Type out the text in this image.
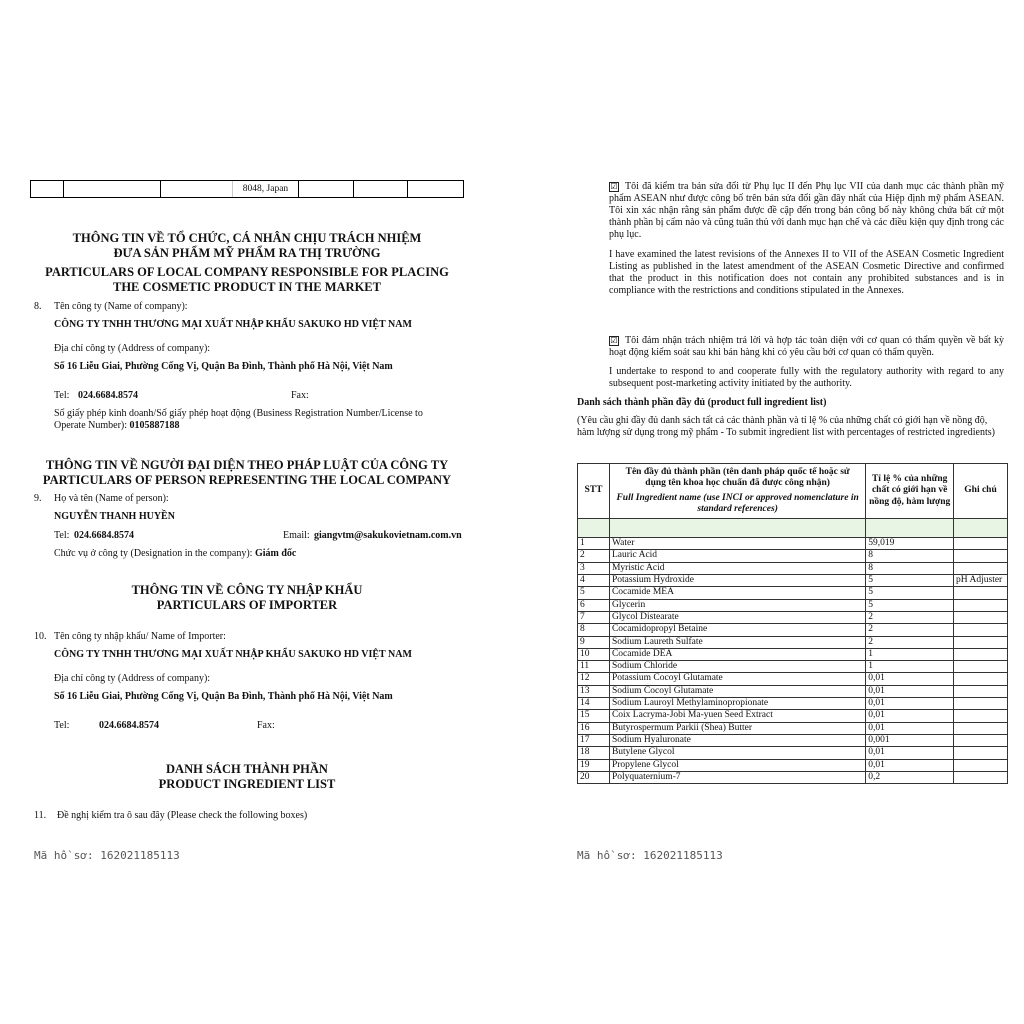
8048, Japan
THÔNG TIN VỀ TỔ CHỨC, CÁ NHÂN CHỊU TRÁCH NHIỆM
ĐƯA SẢN PHẨM MỸ PHẨM RA THỊ TRƯỜNG
PARTICULARS OF LOCAL COMPANY RESPONSIBLE FOR PLACING
THE COSMETIC PRODUCT IN THE MARKET
8. Tên công ty (Name of company):
CÔNG TY TNHH THƯƠNG MẠI XUẤT NHẬP KHẨU SAKUKO HD VIỆT NAM
Địa chỉ công ty (Address of company):
Số 16 Liễu Giai, Phường Cống Vị, Quận Ba Đình, Thành phố Hà Nội, Việt Nam
Tel: 024.6684.8574	Fax:
Số giấy phép kinh doanh/Số giấy phép hoạt động (Business Registration Number/License to
Operate Number): 0105887188
THÔNG TIN VỀ NGƯỜI ĐẠI DIỆN THEO PHÁP LUẬT CỦA CÔNG TY
PARTICULARS OF PERSON REPRESENTING THE LOCAL COMPANY
9. Họ và tên (Name of person):
NGUYỄN THANH HUYỀN
Tel: 024.6684.8574	Email: giangvtm@sakukovietnam.com.vn
Chức vụ ở công ty (Designation in the company): Giám đốc
THÔNG TIN VỀ CÔNG TY NHẬP KHẨU
PARTICULARS OF IMPORTER
10. Tên công ty nhập khẩu/ Name of Importer:
CÔNG TY TNHH THƯƠNG MẠI XUẤT NHẬP KHẨU SAKUKO HD VIỆT NAM
Địa chỉ công ty (Address of company):
Số 16 Liễu Giai, Phường Cống Vị, Quận Ba Đình, Thành phố Hà Nội, Việt Nam
Tel:	024.6684.8574	Fax:
DANH SÁCH THÀNH PHẦN
PRODUCT INGREDIENT LIST
11. Đề nghị kiểm tra ô sau đây (Please check the following boxes)
Mã hồ sơ: 162021185113
☑ Tôi đã kiểm tra bản sửa đổi từ Phụ lục II đến Phụ lục VII của danh mục các thành phần mỹ phẩm ASEAN như được công bố trên bản sửa đổi gần đây nhất của Hiệp định mỹ phẩm ASEAN. Tôi xin xác nhận rằng sản phẩm được đề cập đến trong bản công bố này không chứa bất cứ một thành phần bị cấm nào và cũng tuân thủ với danh mục hạn chế và các điều kiện quy định trong các phụ lục.
I have examined the latest revisions of the Annexes II to VII of the ASEAN Cosmetic Ingredient Listing as published in the latest amendment of the ASEAN Cosmetic Directive and confirmed that the product in this notification does not contain any prohibited substances and is in compliance with the restrictions and conditions stipulated in the Annexes.
☑ Tôi đảm nhận trách nhiệm trả lời và hợp tác toàn diện với cơ quan có thẩm quyền về bất kỳ hoạt động kiểm soát sau khi bán hàng khi có yêu cầu bởi cơ quan có thẩm quyền.
I undertake to respond to and cooperate fully with the regulatory authority with regard to any subsequent post-marketing activity initiated by the authority.
Danh sách thành phần đầy đủ (product full ingredient list)
(Yêu cầu ghi đầy đủ danh sách tất cả các thành phần và tỉ lệ % của những chất có giới hạn về nồng độ, hàm lượng sử dụng trong mỹ phẩm - To submit ingredient list with percentages of restricted ingredients)
Mã hồ sơ: 162021185113
STT	Tên đầy đủ thành phần (tên danh pháp quốc tế hoặc sử dụng tên khoa học chuẩn đã được công nhận)
Full Ingredient name (use INCI or approved nomenclature in standard references)	Tỉ lệ % của những chất có giới hạn về nồng độ, hàm lượng	Ghi chú

1	Water	59,019	
2	Lauric Acid	8	
3	Myristic Acid	8	
4	Potassium Hydroxide	5	pH Adjuster
5	Cocamide MEA	5	
6	Glycerin	5	
7	Glycol Distearate	2	
8	Cocamidopropyl Betaine	2	
9	Sodium Laureth Sulfate	2	
10	Cocamide DEA	1	
11	Sodium Chloride	1	
12	Potassium Cocoyl Glutamate	0,01	
13	Sodium Cocoyl Glutamate	0,01	
14	Sodium Lauroyl Methylaminopropionate	0,01	
15	Coix Lacryma-Jobi Ma-yuen Seed Extract	0,01	
16	Butyrospermum Parkii (Shea) Butter	0,01	
17	Sodium Hyaluronate	0,001	
18	Butylene Glycol	0,01	
19	Propylene Glycol	0,01	
20	Polyquaternium-7	0,2	
